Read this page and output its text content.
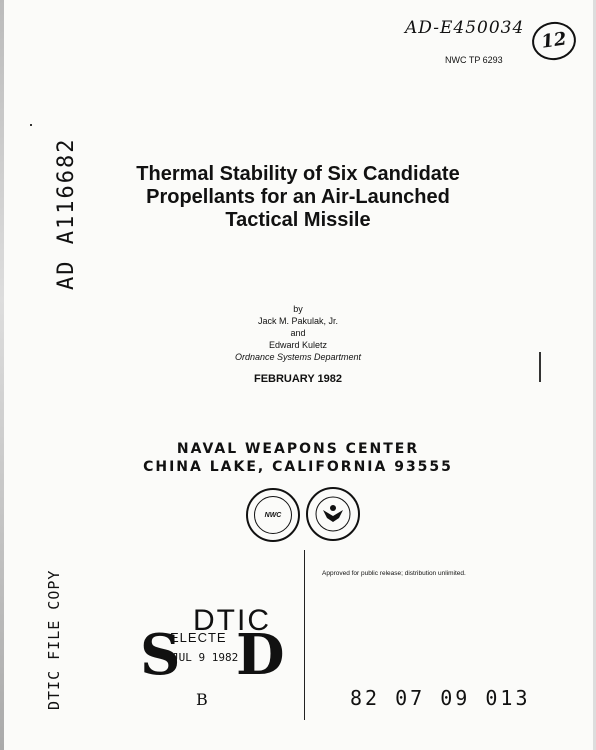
AD-E450034
12
NWC TP 6293
AD A116682	Thermal Stability of Six Candidate
Propellants for an Air-Launched
Tactical Missile
by
Jack M. Pakulak, Jr.
and
Edward Kuletz
Ordnance Systems Department
FEBRUARY 1982
NAVAL WEAPONS CENTER
CHINA LAKE, CALIFORNIA 93555
NWC
Approved for public release; distribution unlimited.
DTIC FILE COPY S
DTIC
ELECTE
JUL 9 1982
D
B	82 07 09 013
